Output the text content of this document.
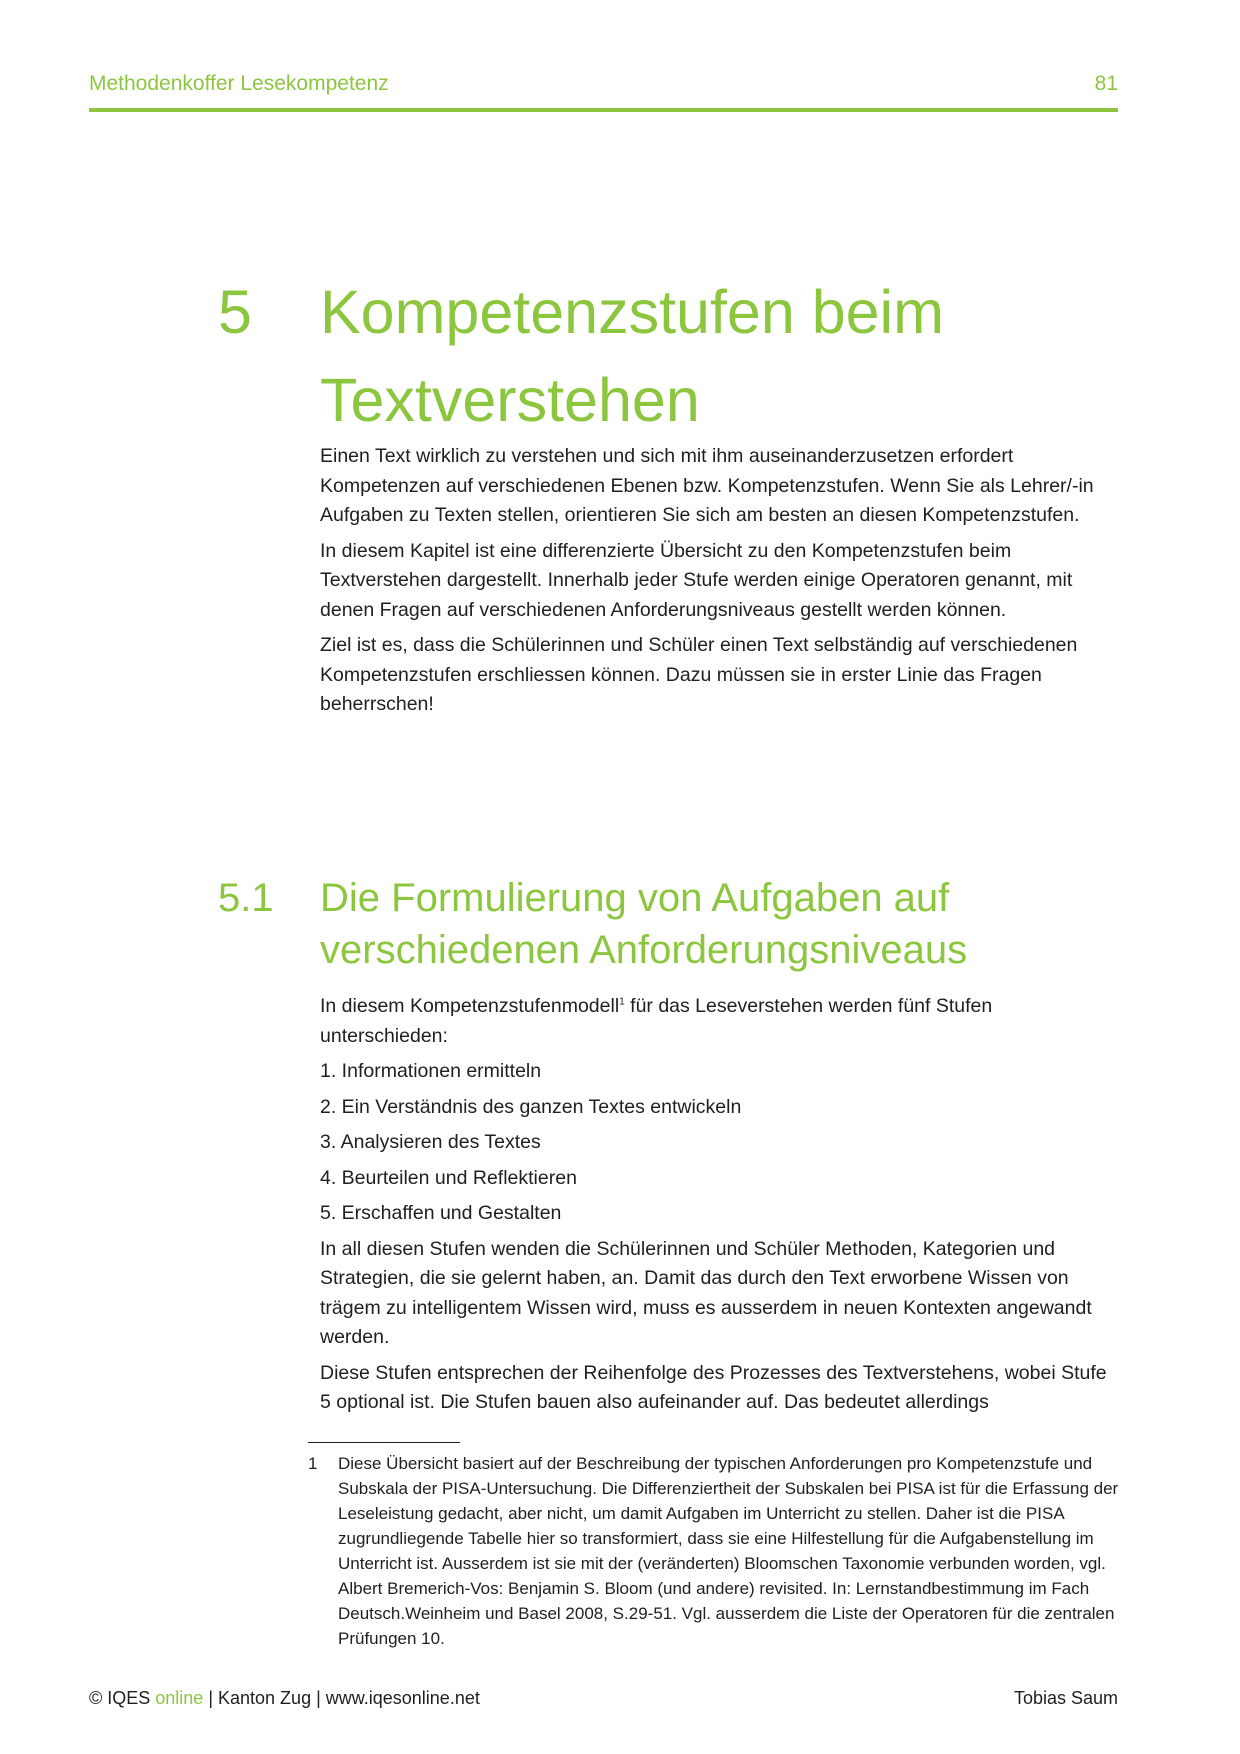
Methodenkoffer Lesekompetenz	81
5 Kompetenzstufen beim Textverstehen

Einen Text wirklich zu verstehen und sich mit ihm auseinanderzusetzen erfordert Kompetenzen auf verschiedenen Ebenen bzw. Kompetenzstufen. Wenn Sie als Lehrer/-in Aufgaben zu Texten stellen, orientieren Sie sich am besten an diesen Kompetenzstufen.

In diesem Kapitel ist eine differenzierte Übersicht zu den Kompetenzstufen beim Textverstehen dargestellt. Innerhalb jeder Stufe werden einige Operatoren genannt, mit denen Fragen auf verschiedenen Anforderungsniveaus gestellt werden können.

Ziel ist es, dass die Schülerinnen und Schüler einen Text selbständig auf verschiedenen Kompetenzstufen erschliessen können. Dazu müssen sie in erster Linie das Fragen beherrschen!

5.1 Die Formulierung von Aufgaben auf verschiedenen Anforderungsniveaus

In diesem Kompetenzstufenmodell$^1$ für das Leseverstehen werden fünf Stufen unterschieden:

1. Informationen ermitteln
2. Ein Verständnis des ganzen Textes entwickeln
3. Analysieren des Textes
4. Beurteilen und Reflektieren
5. Erschaffen und Gestalten

In all diesen Stufen wenden die Schülerinnen und Schüler Methoden, Kategorien und Strategien, die sie gelernt haben, an. Damit das durch den Text erworbene Wissen von trägem zu intelligentem Wissen wird, muss es ausserdem in neuen Kontexten angewandt werden.

Diese Stufen entsprechen der Reihenfolge des Prozesses des Textverstehens, wobei Stufe 5 optional ist. Die Stufen bauen also aufeinander auf. Das bedeutet allerdings

1 Diese Übersicht basiert auf der Beschreibung der typischen Anforderungen pro Kompetenzstufe und Subskala der PISA-Untersuchung. Die Differenziertheit der Subskalen bei PISA ist für die Erfassung der Leseleistung gedacht, aber nicht, um damit Aufgaben im Unterricht zu stellen. Daher ist die PISA zugrundliegende Tabelle hier so transformiert, dass sie eine Hilfestellung für die Aufgabenstellung im Unterricht ist. Ausserdem ist sie mit der (veränderten) Bloomschen Taxonomie verbunden worden, vgl. Albert Bremerich-Vos: Benjamin S. Bloom (und andere) revisited. In: Lernstandbestimmung im Fach Deutsch.Weinheim und Basel 2008, S.29-51. Vgl. ausserdem die Liste der Operatoren für die zentralen Prüfungen 10.
© IQES online | Kanton Zug | www.iqesonline.net	Tobias Saum
